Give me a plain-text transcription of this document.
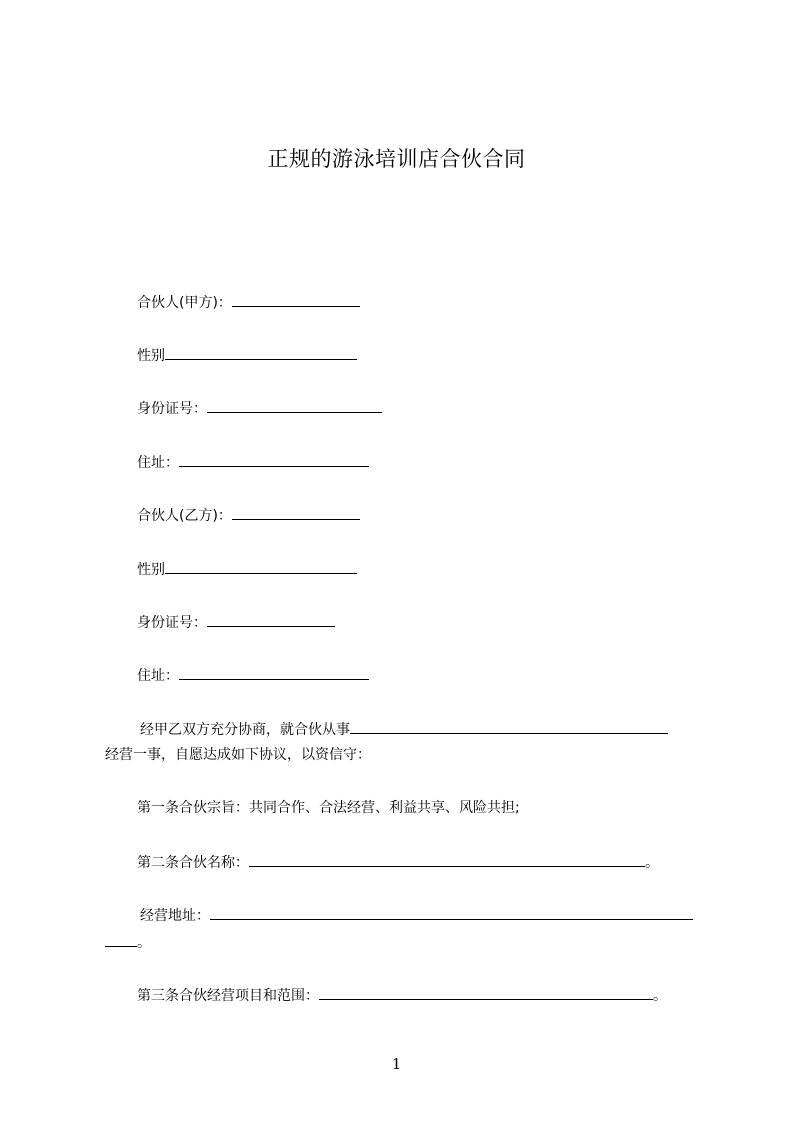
正规的游泳培训店合伙合同
合伙人(甲方)：
性别
身份证号：
住址：
合伙人(乙方)：
性别
身份证号：
住址：
经甲乙双方充分协商，就合伙从事
经营一事，自愿达成如下协议，以资信守：
第一条合伙宗旨：共同合作、合法经营、利益共享、风险共担;
第二条合伙名称：	。
经营地址：
。
第三条合伙经营项目和范围：	。
1
